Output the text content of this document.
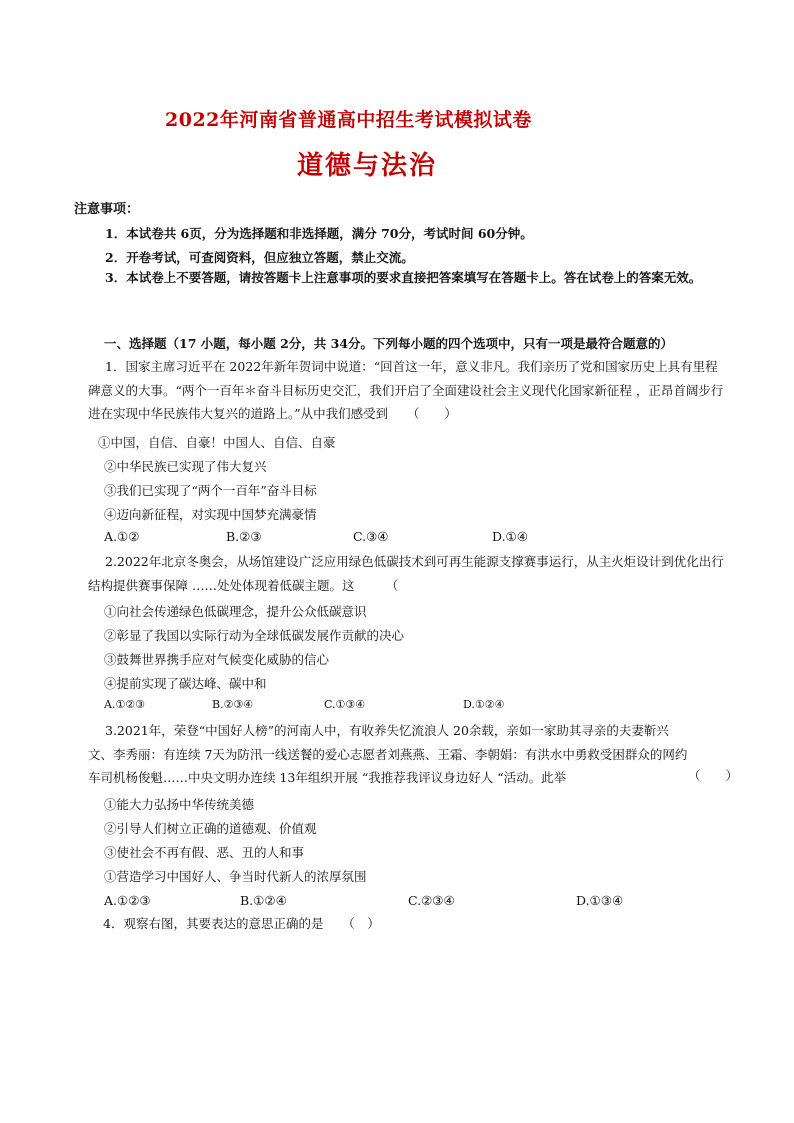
2022年河南省普通高中招生考试模拟试卷
道德与法治
注意事项：
1．本试卷共 6页，分为选择题和非选择题，满分 70分，考试时间 60分钟。
2．开卷考试，可查阅资料，但应独立答题，禁止交流。
3．本试卷上不要答题，请按答题卡上注意事项的要求直接把答案填写在答题卡上。答在试卷上的答案无效。
一、选择题（17 小题，每小题 2分，共 34分。下列每小题的四个选项中，只有一项是最符合题意的）
1．国家主席习近平在 2022年新年贺词中说道：“回首这一年，意义非凡。我们亲历了党和国家历史上具有里程碑意义的大事。“两个一百年＊奋斗目标历史交汇，我们开启了全面建设社会主义现代化国家新征程 ，正昂首阔步行进在实现中华民族伟大复兴的道路上。”从中我们感受到　　（　　）
①中国，自信、自豪！中国人、自信、自豪
②中华民族已实现了伟大复兴
③我们已实现了“两个一百年”奋斗目标
④迈向新征程，对实现中国梦充满豪情
A.①②	B.②③	C.③④	D.①④
2.2022年北京冬奥会，从场馆建设广泛应用绿色低碳技术到可再生能源支撑赛事运行，从主火炬设计到优化出行结构提供赛事保障 ……处处体现着低碳主题。这　　　（
①向社会传递绿色低碳理念，提升公众低碳意识
②彰显了我国以实际行动为全球低碳发展作贡献的决心
③鼓舞世界携手应对气候变化威胁的信心
④提前实现了碳达峰、碳中和
A.①②③	B.②③④	C.①③④	D.①②④
3.2021年，荣登“中国好人榜”的河南人中，有收养失忆流浪人 20余载，亲如一家助其寻亲的夫妻靳兴文、李秀丽：有连续 7天为防汛一线送餐的爱心志愿者刘燕燕、王霜、李朝娟：有洪水中勇救受困群众的网约车司机杨俊魁……中央文明办连续 13年组织开展 “我推荐我评议身边好人 “活动。此举	（　　）
①能大力弘扬中华传统美德
②引导人们树立正确的道德观、价值观
③使社会不再有假、恶、丑的人和事
①营造学习中国好人、争当时代新人的浓厚氛围
A.①②③	B.①②④	C.②③④	D.①③④
4．观察右图，其要表达的意思正确的是　　（　）
